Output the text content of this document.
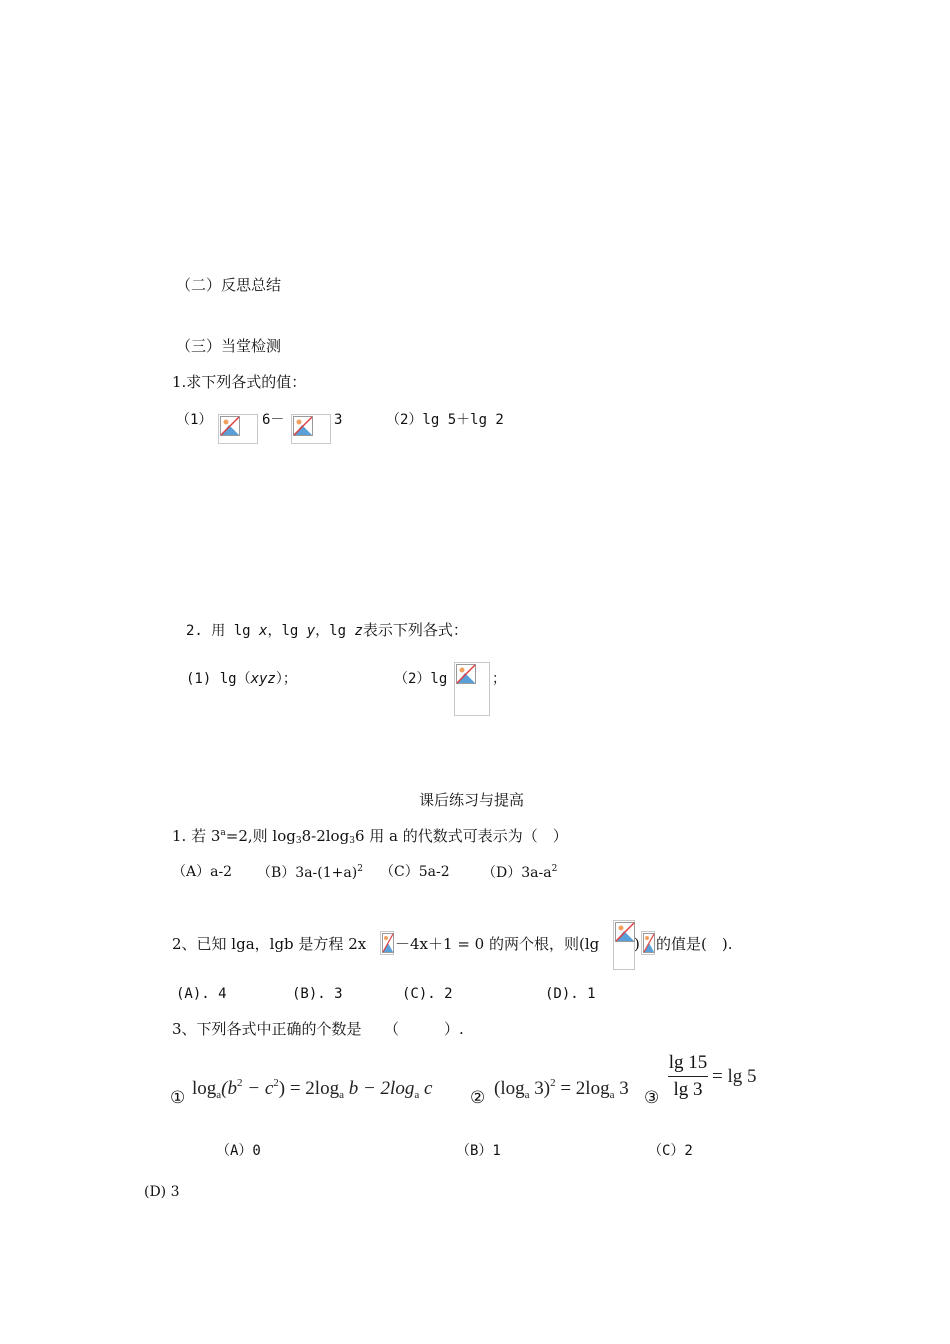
（二）反思总结
（三）当堂检测
1.求下列各式的值：
（1）	6－	3	（2）lg 5＋lg 2
2. 用 lg x，lg y，lg z表示下列各式：
(1) lg（xyz）；	（2）lg	；
课后练习与提高
1. 若 $3^a=2$,则 $\log_38-2\log_36$ 用 a 的代数式可表示为（　）
（A）a-2 $(B)3a-(1+a)^2$ （C）5a-2 $(D)3a-a^2$
2、已知 lga，lgb 是方程 2x －4x＋1 = 0 的两个根，则(lg ) 的值是(　).
(A). 4	(B). 3	(C). 2	(D). 1
3、下列各式中正确的个数是　　（　　　）.
① $\log_a(b^2 - c^2) = 2\log_a$ $b - 2\log_a$ c ② ($\log_a$ $3)^2 = 2\log_a$ 3 ③
lg 15
lg 3
= lg 5
（A）0	（B）1	（C）2
(D) 3
